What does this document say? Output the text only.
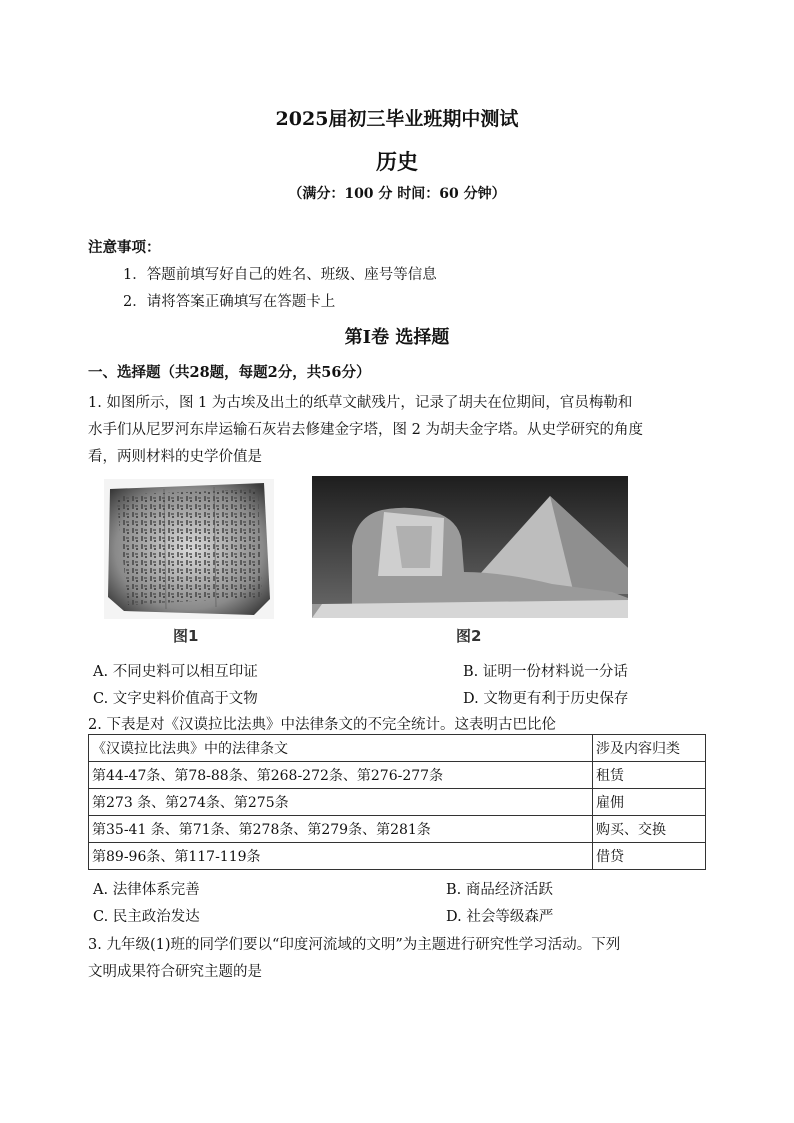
2025届初三毕业班期中测试
历史
（满分：100 分 时间：60 分钟）
注意事项：
1．答题前填写好自己的姓名、班级、座号等信息
2．请将答案正确填写在答题卡上
第I卷 选择题
一、选择题（共28题，每题2分，共56分）
1. 如图所示，图 1 为古埃及出土的纸草文献残片，记录了胡夫在位期间，官员梅勒和
水手们从尼罗河东岸运输石灰岩去修建金字塔，图 2 为胡夫金字塔。从史学研究的角度
看，两则材料的史学价值是
图1	图2
A. 不同史料可以相互印证	B. 证明一份材料说一分话
C. 文字史料价值高于文物	D. 文物更有利于历史保存
2. 下表是对《汉谟拉比法典》中法律条文的不完全统计。这表明古巴比伦
《汉谟拉比法典》中的法律条文	涉及内容归类
第44-47条、第78-88条、第268-272条、第276-277条	租赁
第273 条、第274条、第275条	雇佣
第35-41 条、第71条、第278条、第279条、第281条	购买、交换
第89-96条、第117-119条	借贷
A. 法律体系完善	B. 商品经济活跃
C. 民主政治发达	D. 社会等级森严
3. 九年级(1)班的同学们要以“印度河流域的文明”为主题进行研究性学习活动。下列
文明成果符合研究主题的是
